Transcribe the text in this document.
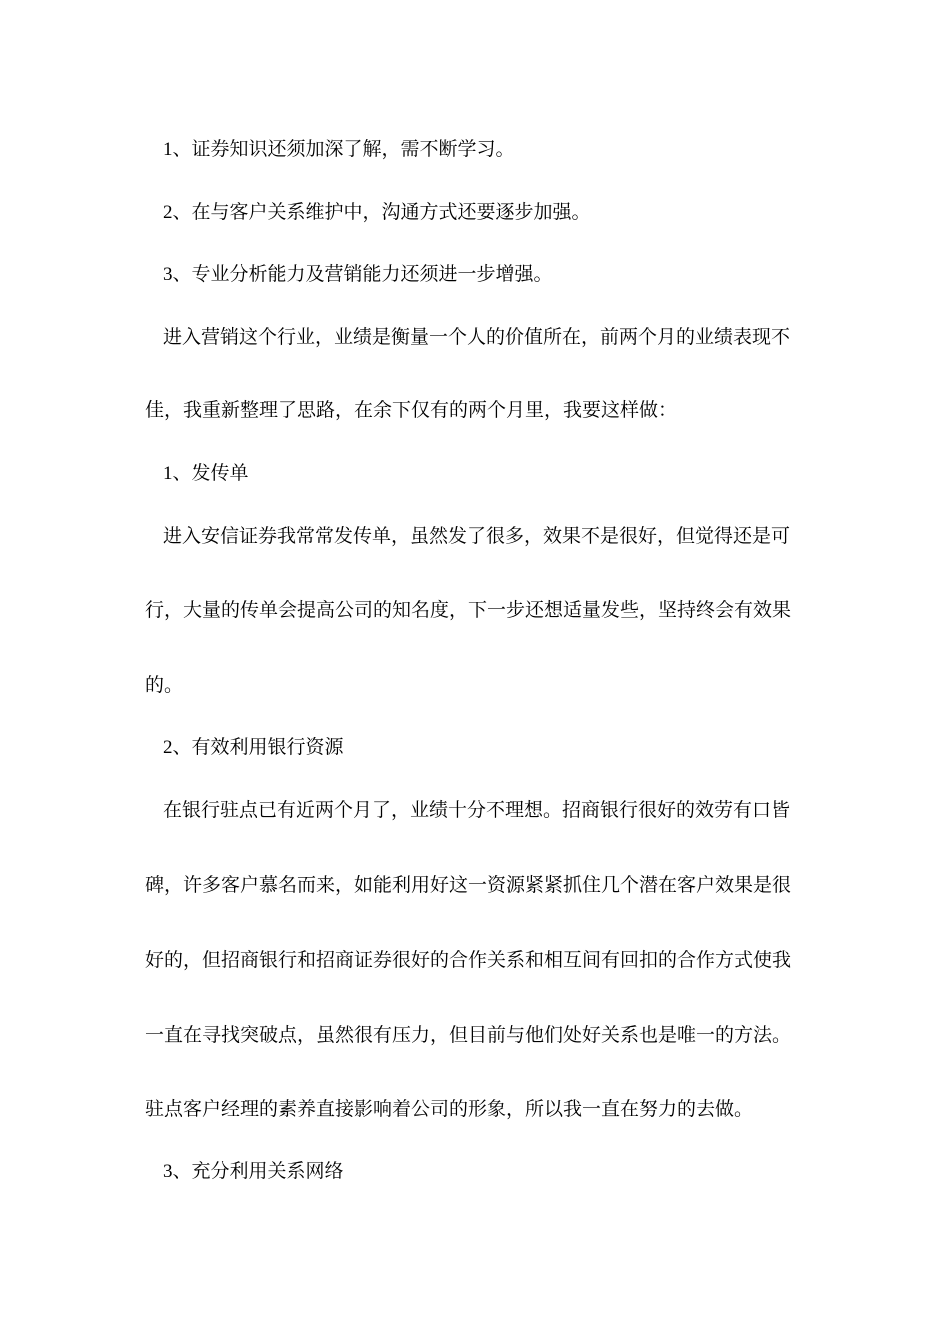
1、证券知识还须加深了解，需不断学习。
2、在与客户关系维护中，沟通方式还要逐步加强。
3、专业分析能力及营销能力还须进一步增强。
进入营销这个行业，业绩是衡量一个人的价值所在，前两个月的业绩表现不
佳，我重新整理了思路，在余下仅有的两个月里，我要这样做：
1、发传单
进入安信证券我常常发传单，虽然发了很多，效果不是很好，但觉得还是可
行，大量的传单会提高公司的知名度，下一步还想适量发些，坚持终会有效果
的。
2、有效利用银行资源
在银行驻点已有近两个月了，业绩十分不理想。招商银行很好的效劳有口皆
碑，许多客户慕名而来，如能利用好这一资源紧紧抓住几个潜在客户效果是很
好的，但招商银行和招商证券很好的合作关系和相互间有回扣的合作方式使我
一直在寻找突破点，虽然很有压力，但目前与他们处好关系也是唯一的方法。
驻点客户经理的素养直接影响着公司的形象，所以我一直在努力的去做。
3、充分利用关系网络
